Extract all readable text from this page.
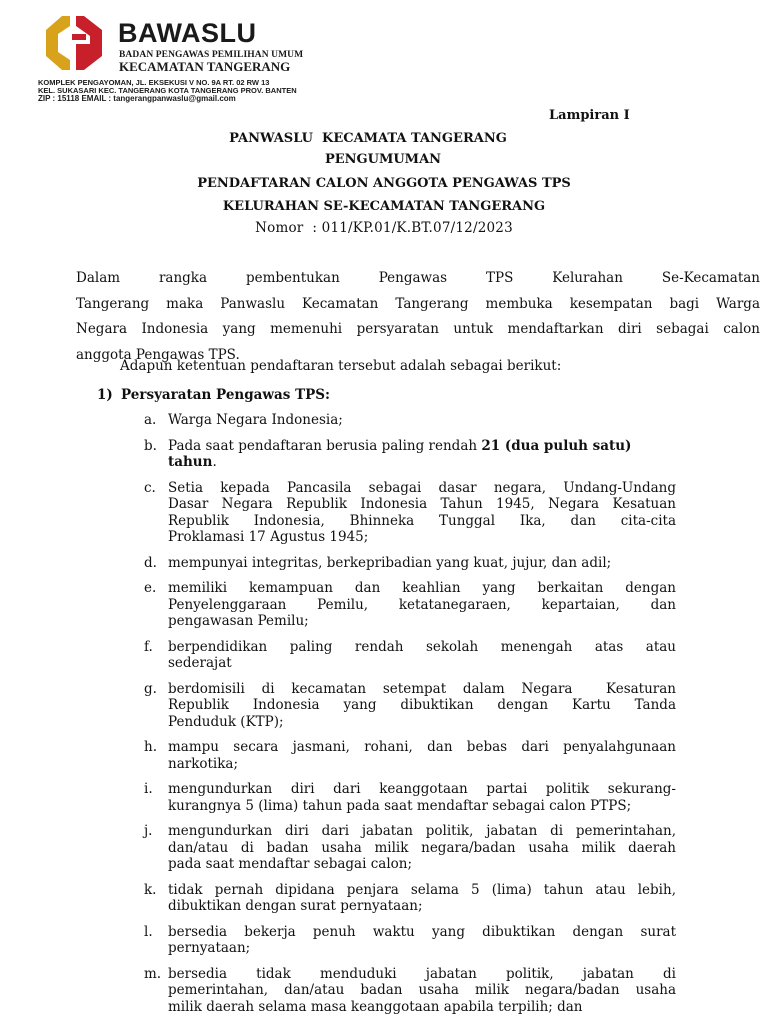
BAWASLU
BADAN PENGAWAS PEMILIHAN UMUM
KECAMATAN TANGERANG
KOMPLEK PENGAYOMAN, JL. EKSEKUSI V NO. 9A RT. 02 RW 13
KEL. SUKASARI KEC. TANGERANG KOTA TANGERANG PROV. BANTEN
ZIP : 15118 EMAIL : tangerangpanwaslu@gmail.com
Lampiran I
PANWASLU  KECAMATA TANGERANG
PENGUMUMAN
PENDAFTARAN CALON ANGGOTA PENGAWAS TPS
KELURAHAN SE-KECAMATAN TANGERANG
Nomor  : 011/KP.01/K.BT.07/12/2023
Dalam rangka pembentukan Pengawas TPS Kelurahan Se-Kecamatan
Tangerang maka Panwaslu Kecamatan Tangerang membuka kesempatan bagi Warga
Negara Indonesia yang memenuhi persyaratan untuk mendaftarkan diri sebagai calon
anggota Pengawas TPS.
Adapun ketentuan pendaftaran tersebut adalah sebagai berikut:
1) Persyaratan Pengawas TPS:
a. Warga Negara Indonesia;
b. Pada saat pendaftaran berusia paling rendah 21 (dua puluh satu)
tahun.
c. Setia kepada Pancasila sebagai dasar negara, Undang-Undang
Dasar Negara Republik Indonesia Tahun 1945, Negara Kesatuan
Republik Indonesia, Bhinneka Tunggal Ika, dan cita-cita
Proklamasi 17 Agustus 1945;
d. mempunyai integritas, berkepribadian yang kuat, jujur, dan adil;
e. memiliki kemampuan dan keahlian yang berkaitan dengan
Penyelenggaraan Pemilu, ketatanegaraen, kepartaian, dan
pengawasan Pemilu;
f.	berpendidikan paling rendah sekolah menengah atas atau
sederajat
g. berdomisili di kecamatan setempat dalam Negara  Kesaturan
Republik Indonesia yang dibuktikan dengan Kartu Tanda
Penduduk (KTP);
h. mampu secara jasmani, rohani, dan bebas dari penyalahgunaan
narkotika;
i.	mengundurkan diri dari keanggotaan partai politik sekurang-
kurangnya 5 (lima) tahun pada saat mendaftar sebagai calon PTPS;
j.	mengundurkan diri dari jabatan politik, jabatan di pemerintahan,
dan/atau di badan usaha milik negara/badan usaha milik daerah
pada saat mendaftar sebagai calon;
k. tidak pernah dipidana penjara selama 5 (lima) tahun atau lebih,
dibuktikan dengan surat pernyataan;
l.	bersedia bekerja penuh waktu yang dibuktikan dengan surat
pernyataan;
m. bersedia tidak menduduki jabatan politik, jabatan di
pemerintahan, dan/atau badan usaha milik negara/badan usaha
milik daerah selama masa keanggotaan apabila terpilih; dan
